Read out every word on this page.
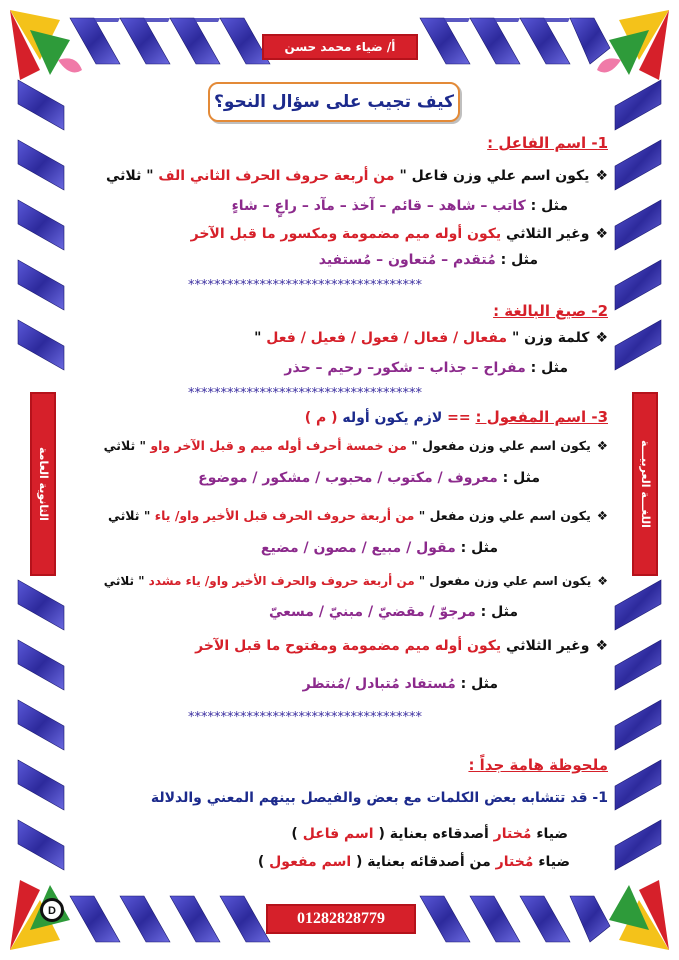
D
أ/ ضياء محمد حسن
01282828779
اللغـــة العربيـــة
الثانوية العامة
كيف تجيب على سؤال النحو؟
1- اسم الفاعل :
❖يكون اسم علي وزن فاعل " من أربعة حروف الحرف الثاني الف " ثلاثي
مثل : كاتب – شاهد – قائم – آخذ – مآد – راعٍ – شاءٍ
❖وغير الثلاثي يكون أوله ميم مضمومة ومكسور ما قبل الآخر
مثل : مُتقدم – مُتعاون – مُستفيد
************************************
2- صيغ البالغة :
❖كلمة وزن " مفعال / فعال / فعول / فعيل / فعل "
مثل : مفراح – جذاب – شكور– رحيم – حذر
************************************
3- اسم المفعول : == لازم يكون أوله ( م )
❖يكون اسم علي وزن مفعول " من خمسة أحرف أوله ميم و قبل الآخر واو " ثلاثي
مثل : معروف / مكتوب / محبوب / مشكور / موضوع
❖يكون اسم علي وزن مفعل " من أربعة حروف الحرف قبل الأخير واو/ ياء " ثلاثي
مثل : مقول / مبيع / مصون / مضيع
❖يكون اسم علي وزن مفعول " من أربعة حروف والحرف الأخير واو/ ياء مشدد " ثلاثي
مثل : مرجوّ / مقضيّ / مبنيّ / مسعيّ
❖وغير الثلاثي يكون أوله ميم مضمومة ومفتوح ما قبل الآخر
مثل : مُستفاد مُتبادل /مُنتظر
************************************
ملحوظة هامة جداً :
1- قد تتشابه بعض الكلمات مع بعض والفيصل بينهم المعني والدلالة
ضياء مُختار أصدقاءه بعناية ( اسم فاعل )
ضياء مُختار من أصدقائه بعناية ( اسم مفعول )
